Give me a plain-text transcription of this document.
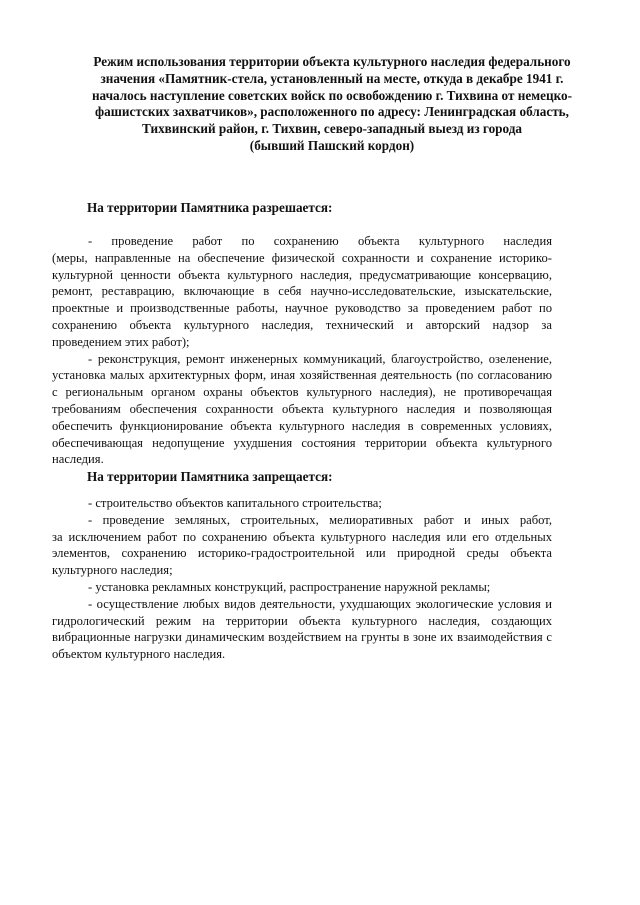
Режим использования территории объекта культурного наследия федерального
значения «Памятник-стела, установленный на месте, откуда в декабре 1941 г.
началось наступление советских войск по освобождению г. Тихвина от немецко-
фашистских захватчиков», расположенного по адресу: Ленинградская область,
Тихвинский район, г. Тихвин, северо-западный выезд из города
(бывший Пашский кордон)
На территории Памятника разрешается:
- проведение работ по сохранению объекта культурного наследия
(меры, направленные на обеспечение физической сохранности и сохранение историко-
культурной ценности объекта культурного наследия, предусматривающие консервацию,
ремонт, реставрацию, включающие в себя научно-исследовательские, изыскательские,
проектные и производственные работы, научное руководство за проведением работ по
сохранению объекта культурного наследия, технический и авторский надзор за
проведением этих работ);
- реконструкция, ремонт инженерных коммуникаций, благоустройство, озеленение,
установка малых архитектурных форм, иная хозяйственная деятельность (по согласованию
с региональным органом охраны объектов культурного наследия), не противоречащая
требованиям обеспечения сохранности объекта культурного наследия и позволяющая
обеспечить функционирование объекта культурного наследия в современных условиях,
обеспечивающая недопущение ухудшения состояния территории объекта культурного
наследия.
На территории Памятника запрещается:
- строительство объектов капитального строительства;
- проведение земляных, строительных, мелиоративных работ и иных работ,
за исключением работ по сохранению объекта культурного наследия или его отдельных
элементов, сохранению историко-градостроительной или природной среды объекта
культурного наследия;
- установка рекламных конструкций, распространение наружной рекламы;
- осуществление любых видов деятельности, ухудшающих экологические условия и
гидрологический режим на территории объекта культурного наследия, создающих
вибрационные нагрузки динамическим воздействием на грунты в зоне их взаимодействия с
объектом культурного наследия.
